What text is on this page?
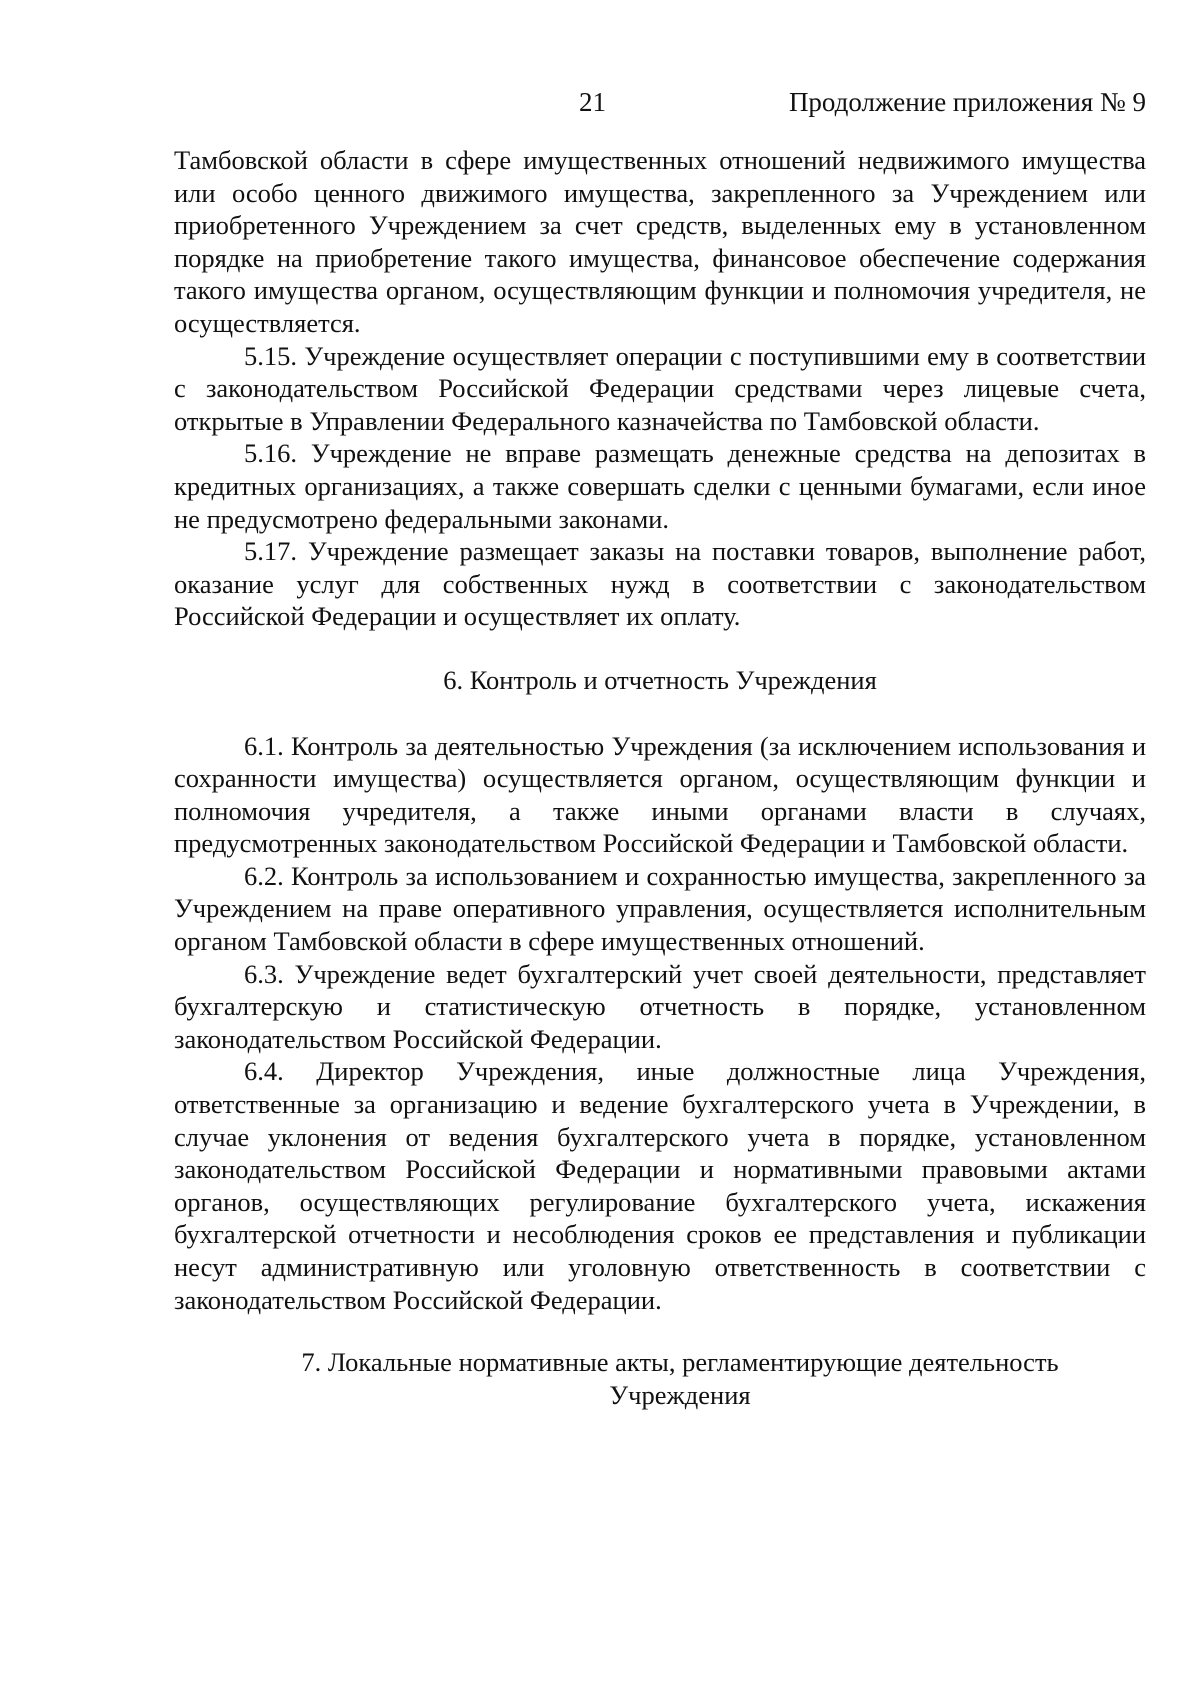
21	Продолжение приложения № 9

Тамбовской области в сфере имущественных отношений недвижимого имущества или особо ценного движимого имущества, закрепленного за Учреждением или приобретенного Учреждением за счет средств, выделенных ему в установленном порядке на приобретение такого имущества, финансовое обеспечение содержания такого имущества органом, осуществляющим функции и полномочия учредителя, не осуществляется.

5.15. Учреждение осуществляет операции с поступившими ему в соответствии с законодательством Российской Федерации средствами через лицевые счета, открытые в Управлении Федерального казначейства по Тамбовской области.

5.16. Учреждение не вправе размещать денежные средства на депозитах в кредитных организациях, а также совершать сделки с ценными бумагами, если иное не предусмотрено федеральными законами.

5.17. Учреждение размещает заказы на поставки товаров, выполнение работ, оказание услуг для собственных нужд в соответствии с законодательством Российской Федерации и осуществляет их оплату.

6. Контроль и отчетность Учреждения

6.1. Контроль за деятельностью Учреждения (за исключением использования и сохранности имущества) осуществляется органом, осуществляющим функции и полномочия учредителя, а также иными органами власти в случаях, предусмотренных законодательством Российской Федерации и Тамбовской области.

6.2. Контроль за использованием и сохранностью имущества, закрепленного за Учреждением на праве оперативного управления, осуществляется исполнительным органом Тамбовской области в сфере имущественных отношений.

6.3. Учреждение ведет бухгалтерский учет своей деятельности, представляет бухгалтерскую и статистическую отчетность в порядке, установленном законодательством Российской Федерации.

6.4. Директор Учреждения, иные должностные лица Учреждения, ответственные за организацию и ведение бухгалтерского учета в Учреждении, в случае уклонения от ведения бухгалтерского учета в порядке, установленном законодательством Российской Федерации и нормативными правовыми актами органов, осуществляющих регулирование бухгалтерского учета, искажения бухгалтерской отчетности и несоблюдения сроков ее представления и публикации несут административную или уголовную ответственность в соответствии с законодательством Российской Федерации.

7. Локальные нормативные акты, регламентирующие деятельность
Учреждения
